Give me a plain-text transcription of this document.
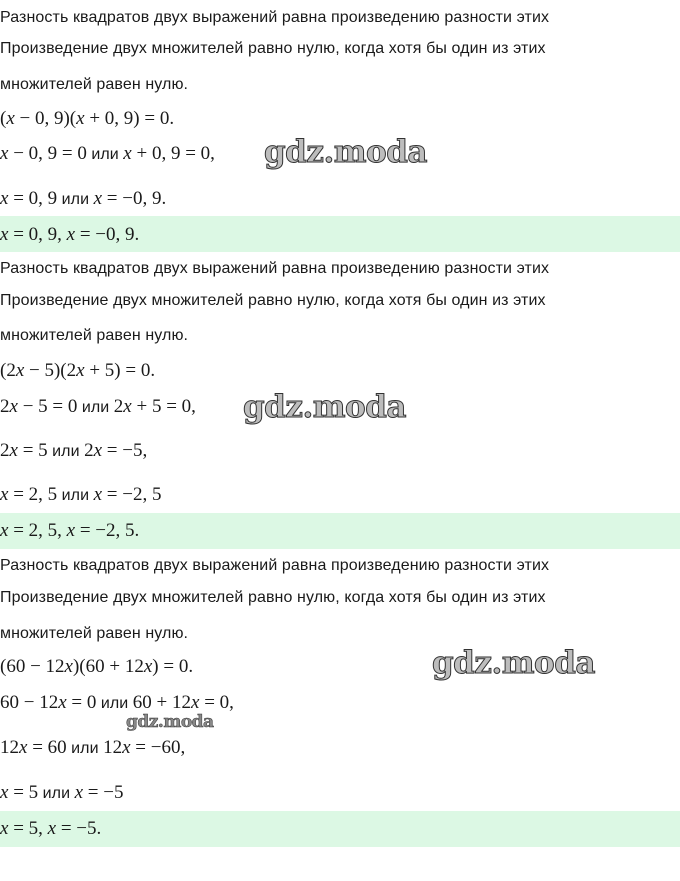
Разность квадратов двух выражений равна произведению разности этих
Произведение двух множителей равно нулю, когда хотя бы один из этих
множителей равен нулю.
(x − 0, 9)(x + 0, 9) = 0.
x − 0, 9 = 0 или x + 0, 9 = 0,
x = 0, 9 или x = −0, 9.
x = 0, 9, x = −0, 9.
Разность квадратов двух выражений равна произведению разности этих
Произведение двух множителей равно нулю, когда хотя бы один из этих
множителей равен нулю.
(2x − 5)(2x + 5) = 0.
2x − 5 = 0 или 2x + 5 = 0,
2x = 5 или 2x = −5,
x = 2, 5 или x = −2, 5
x = 2, 5, x = −2, 5.
Разность квадратов двух выражений равна произведению разности этих
Произведение двух множителей равно нулю, когда хотя бы один из этих
множителей равен нулю.
(60 − 12x)(60 + 12x) = 0.
60 − 12x = 0 или 60 + 12x = 0,
12x = 60 или 12x = −60,
x = 5 или x = −5
x = 5, x = −5.
gdz.moda
gdz.moda
gdz.moda
gdz.moda
